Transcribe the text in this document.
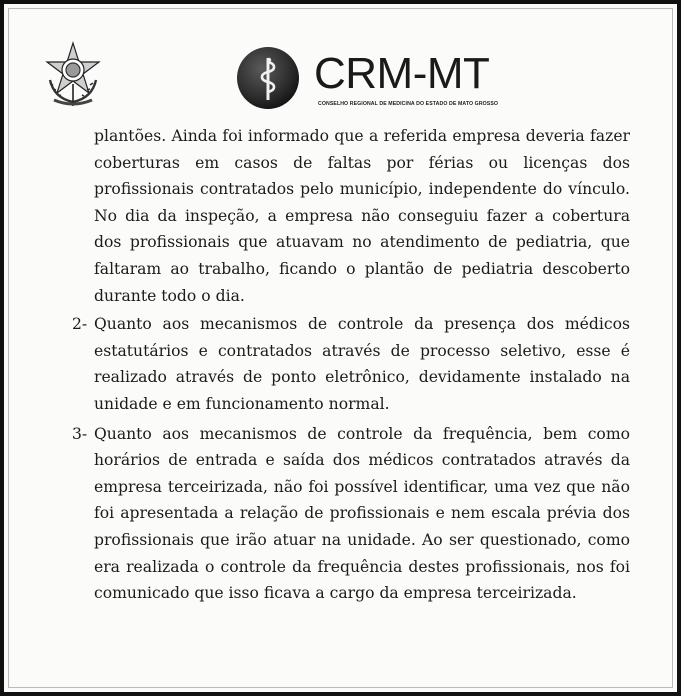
CRM-MT
CONSELHO REGIONAL DE MEDICINA DO ESTADO DE MATO GROSSO

plantões. Ainda foi informado que a referida empresa deveria fazer coberturas em casos de faltas por férias ou licenças dos profissionais contratados pelo município, independente do vínculo. No dia da inspeção, a empresa não conseguiu fazer a cobertura dos profissionais que atuavam no atendimento de pediatria, que faltaram ao trabalho, ficando o plantão de pediatria descoberto durante todo o dia.

2- Quanto aos mecanismos de controle da presença dos médicos estatutários e contratados através de processo seletivo, esse é realizado através de ponto eletrônico, devidamente instalado na unidade e em funcionamento normal.
3- Quanto aos mecanismos de controle da frequência, bem como horários de entrada e saída dos médicos contratados através da empresa terceirizada, não foi possível identificar, uma vez que não foi apresentada a relação de profissionais e nem escala prévia dos profissionais que irão atuar na unidade. Ao ser questionado, como era realizada o controle da frequência destes profissionais, nos foi comunicado que isso ficava a cargo da empresa terceirizada.
